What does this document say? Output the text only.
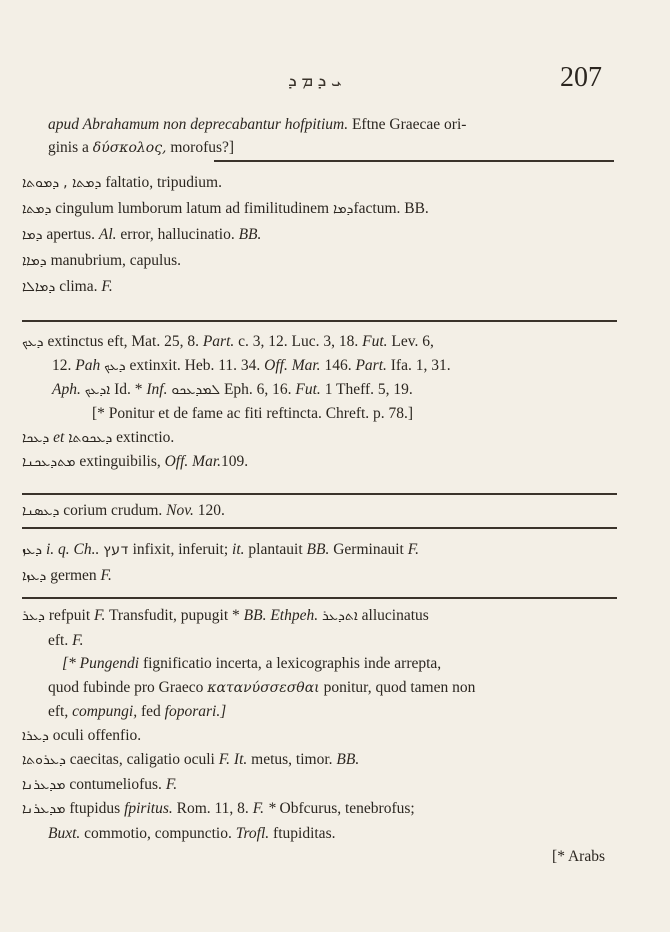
ܝ ܕ ܡ ܕ	207
apud Abrahamum non deprecabantur hofpitium. Eftne Graecae ori-
ginis a δύσκολος, morofus?]
ܕܡܬܐ , ܕܡܘܬܐ	faltatio, tripudium.
ܕܡܬܐ cingulum lumborum latum ad fimilitudinem ܕܡܐfactum. BB.
ܕܡܐ apertus. Al. error, hallucinatio. BB.
ܕܡܐܐ manubrium, capulus.
ܕܡܐܠܐ clima. F.
ܕܥܟ extinctus eft, Mat. 25, 8. Part. c. 3, 12. Luc. 3, 18. Fut. Lev. 6,
12. Pah ܕܥܟ extinxit. Heb. 11. 34. Off. Mar. 146. Part. Ifa. 1, 31.
Aph. ܐܕܥܟ Id. * Inf. ܠܡܕܥܟܘ Eph. 6, 16. Fut. 1 Theff. 5, 19.
[* Ponitur et de fame ac fiti reftincta. Chreft. p. 78.]
ܕܥܟܐ et ܕܥܟܘܬܐ extinctio.
ܡܬܕܥܟܢܐ extinguibilis, Off. Mar.109.
ܕܥܣܢܐ corium crudum. Nov. 120.
ܕܥܙ i. q. Ch.. דעץ infixit, inferuit; it. plantauit BB. Germinauit F.
ܕܥܙܐ germen F.
ܕܥܪ refpuit F. Transfudit, pupugit * BB. Ethpeh. ܐܬܕܥܪ allucinatus
eft. F.
[* Pungendi fignificatio incerta, a lexicographis inde arrepta,
quod fubinde pro Graeco κατανύσσεσθαι ponitur, quod tamen non
eft, compungi, fed foporari.]
ܕܥܪܐ oculi offenfio.
ܕܥܪܘܬܐ caecitas, caligatio oculi F. It. metus, timor. BB.
ܡܕܥܪܢܐ contumeliofus. F.
ܡܕܥܪܢܐ ftupidus fpiritus. Rom. 11, 8. F. * Obfcurus, tenebrofus;
Buxt. commotio, compunctio. Trofl. ftupiditas.
[* Arabs
